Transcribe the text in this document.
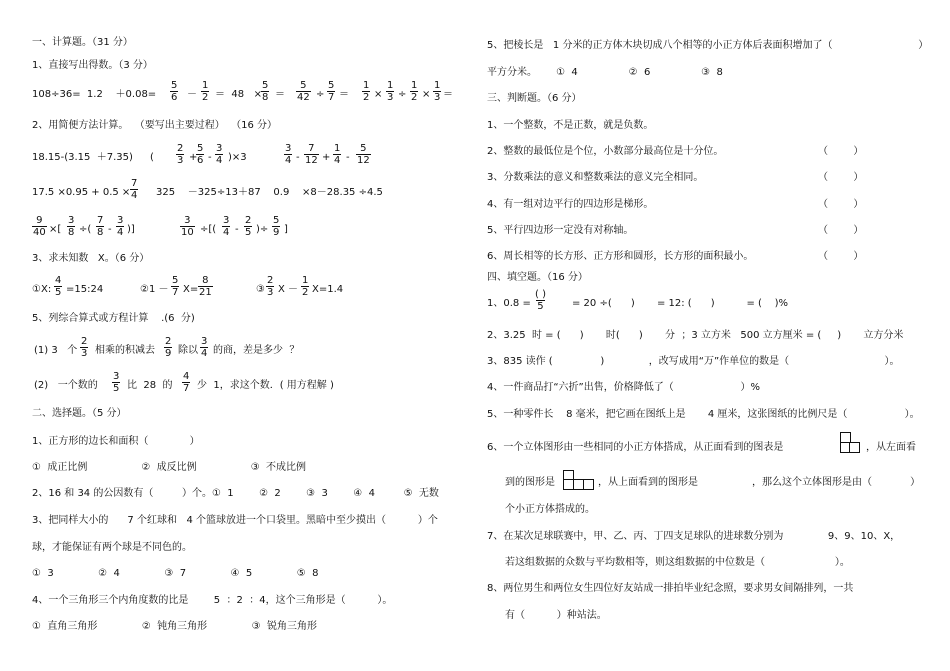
一、计算题。（31 分）
1、直接写出得数。（3 分）
108÷36=  1.2    $+0.08= \frac{5}{6} - \frac{1}{2} = 48 \times \frac{5}{8} = \frac{5}{42} \div \frac{5}{7} = \frac{1}{2} \times \frac{1}{3} \div \frac{1}{2} \times \frac{1}{3}$ ＝
2、用简便方法计算。  （要写出主要过程）  （16 分）
18.15-(3.15  ＋7.35) ( $\frac{2}{3}$ +
$\frac{5}{6} - \frac{3}{4} )\times 3$	$\frac{3}{4} - \frac{7}{12} + \frac{1}{4} - \frac{5}{12}$
$17.5 \times 0.95 + 0.5 \times \frac{7}{4} 325$    －325÷13＋87    0.9    ×8－28.35 ÷4.5
$\frac{9}{40}$ ×[ $\frac{3}{8}$ ÷( $\frac{7}{8} - \frac{3}{4}$ )]	$\frac{3}{10}$ ÷[( $\frac{3}{4} - \frac{2}{5}$ )÷ $\frac{5}{9}$ ]
3、求未知数   X。（6 分）
①X: $\frac{4}{5}$ =15:24	②1 － $\frac{5}{7} X= \frac{8}{21}$	③ $\frac{2}{3}$ $X - \frac{1}{2} X=1.4$
5、列综合算式或方程计算    .(6  分)
(1) 3   个 $\frac{2}{3}$ 相乘的积减去 $\frac{2}{9}$ 除以 $\frac{3}{4}$ 的商，差是多少  ？
(2)   一个数的 $\frac{3}{5}$ 比  28  的 $\frac{4}{7}$ 少  1，求这个数．( 用方程解 )
二、选择题。（5 分）
1、正方形的边长和面积（             ）
①  成正比例                 ②  成反比例                 ③  不成比例
2、16 和 34 的公因数有（         ）个。①  1        ②  2        ③  3        ④  4         ⑤  无数
3、把同样大小的      7 个红球和   4 个篮球放进一个口袋里。黑暗中至少摸出（          ）个
球，才能保证有两个球是不同色的。
①  3              ②  4              ③  7              ④  5              ⑤  8
4、一个三角形三个内角度数的比是        5  ：2  ：4，这个三角形是（          ）。
①  直角三角形              ②  钝角三角形              ③  锐角三角形
5、把棱长是   1 分米的正方体木块切成八个相等的小正方体后表面积增加了（                           ）
平方分米。      ①  4                ②  6                ③  8
三、判断题。（6 分）
1、一个整数，不是正数，就是负数。
2、整数的最低位是个位，小数部分最高位是十分位。	（        ）
3、分数乘法的意义和整数乘法的意义完全相同。	（        ）
4、有一组对边平行的四边形是梯形。	（        ）
5、平行四边形一定没有对称轴。	（        ）
6、周长相等的长方形、正方形和圆形，长方形的面积最小。	（        ）
四、填空题。（16 分）
1、0.8 =
( )
5	= 20 ÷(      )       = 12: (      )          = (    )%
2、3.25  时 = (      )       时(      )       分  ；3 立方米   500 立方厘米 = (     )       立方分米
3、835 读作 (               )              ，改写成用“万”作单位的数是（                              ）。
4、一件商品打“六折”出售，价格降低了（                     ）%
5、一种零件长    8 毫米，把它画在图纸上是       4 厘米，这张图纸的比例尺是（                  ）。
6、一个立体图形由一些相同的小正方体搭成，从正面看到的图表是	，从左面看
到的图形是	，从上面看到的图形是                 ，那么这个立体图形是由（            ）
个小正方体搭成的。
7、在某次足球联赛中，甲、乙、丙、丁四支足球队的进球数分别为              9、9、10、X，
若这组数据的众数与平均数相等，则这组数据的中位数是（                      ）。
8、两位男生和两位女生四位好友站成一排拍毕业纪念照，要求男女间隔排列，一共
有（          ）种站法。
